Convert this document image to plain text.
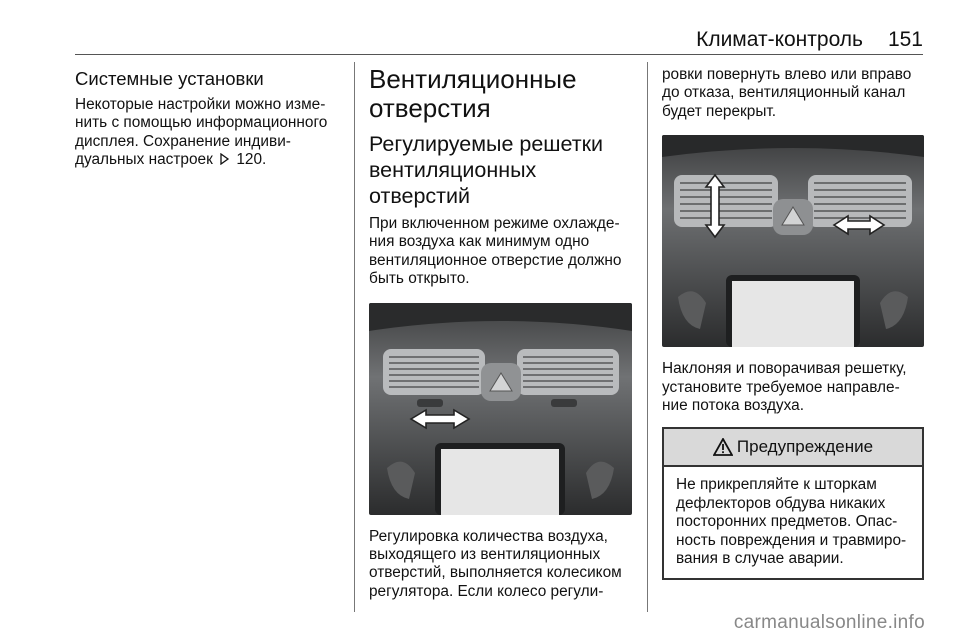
Климат-контроль 151
Системные установки
Некоторые настройки можно изме-
нить с помощью информационного
дисплея. Сохранение индиви-
дуальных настроек 120.
Вентиляционные
отверстия
Регулируемые решетки
вентиляционных
отверстий
При включенном режиме охлажде-
ния воздуха как минимум одно
вентиляционное отверстие должно
быть открыто.
Регулировка количества воздуха,
выходящего из вентиляционных
отверстий, выполняется колесиком
регулятора. Если колесо регули-
ровки повернуть влево или вправо
до отказа, вентиляционный канал
будет перекрыт.
Наклоняя и поворачивая решетку,
установите требуемое направле-
ние потока воздуха.
Предупреждение
Не прикрепляйте к шторкам
дефлекторов обдува никаких
посторонних предметов. Опас-
ность повреждения и травмиро-
вания в случае аварии.
carmanualsonline.info
